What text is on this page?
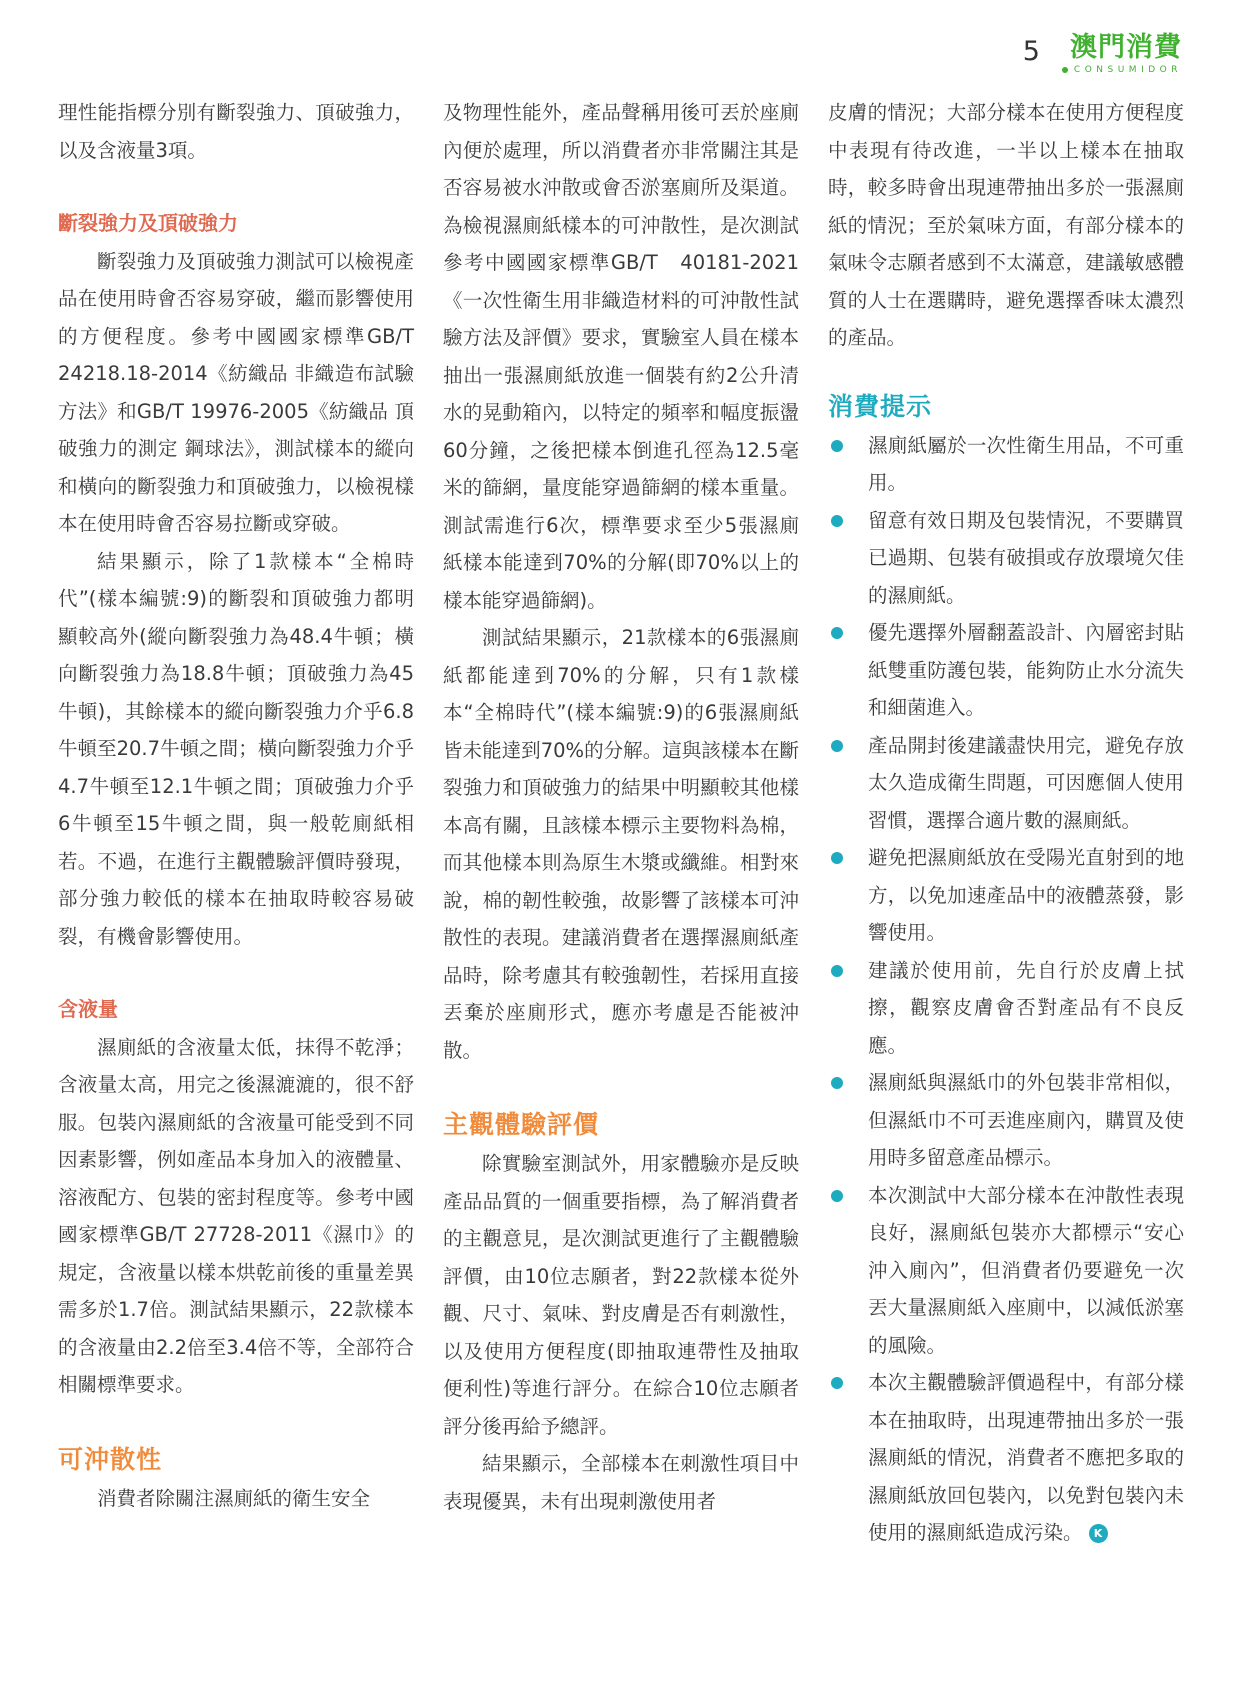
5 澳門消費
CONSUMIDOR

理性能指標分別有斷裂強力、頂破強力，以及含液量3項。

斷裂強力及頂破強力

斷裂強力及頂破強力測試可以檢視產品在使用時會否容易穿破，繼而影響使用的方便程度。參考中國國家標準GB/T 24218.18-2014《紡織品 非織造布試驗方法》和GB/T 19976-2005《紡織品 頂破強力的測定 鋼球法》，測試樣本的縱向和橫向的斷裂強力和頂破強力，以檢視樣本在使用時會否容易拉斷或穿破。

結果顯示，除了1款樣本“全棉時代”(樣本編號:9)的斷裂和頂破強力都明顯較高外(縱向斷裂強力為48.4牛頓；橫向斷裂強力為18.8牛頓；頂破強力為45牛頓)，其餘樣本的縱向斷裂強力介乎6.8牛頓至20.7牛頓之間；橫向斷裂強力介乎4.7牛頓至12.1牛頓之間；頂破強力介乎6牛頓至15牛頓之間，與一般乾廁紙相若。不過，在進行主觀體驗評價時發現，部分強力較低的樣本在抽取時較容易破裂，有機會影響使用。

含液量

濕廁紙的含液量太低，抹得不乾淨；含液量太高，用完之後濕漉漉的，很不舒服。包裝內濕廁紙的含液量可能受到不同因素影響，例如產品本身加入的液體量、溶液配方、包裝的密封程度等。參考中國國家標準GB/T 27728-2011《濕巾》的規定，含液量以樣本烘乾前後的重量差異需多於1.7倍。測試結果顯示，22款樣本的含液量由2.2倍至3.4倍不等，全部符合相關標準要求。

可沖散性

消費者除關注濕廁紙的衛生安全

及物理性能外，產品聲稱用後可丟於座廁內便於處理，所以消費者亦非常關注其是否容易被水沖散或會否淤塞廁所及渠道。為檢視濕廁紙樣本的可沖散性，是次測試參考中國國家標準GB/T　40181-2021《一次性衛生用非織造材料的可沖散性試驗方法及評價》要求，實驗室人員在樣本抽出一張濕廁紙放進一個裝有約2公升清水的晃動箱內，以特定的頻率和幅度振盪60分鐘，之後把樣本倒進孔徑為12.5毫米的篩網，量度能穿過篩網的樣本重量。測試需進行6次，標準要求至少5張濕廁紙樣本能達到70%的分解(即70%以上的樣本能穿過篩網)。

測試結果顯示，21款樣本的6張濕廁紙都能達到70%的分解，只有1款樣本“全棉時代”(樣本編號:9)的6張濕廁紙皆未能達到70%的分解。這與該樣本在斷裂強力和頂破強力的結果中明顯較其他樣本高有關，且該樣本標示主要物料為棉，而其他樣本則為原生木漿或纖維。相對來說，棉的韌性較強，故影響了該樣本可沖散性的表現。建議消費者在選擇濕廁紙產品時，除考慮其有較強韌性，若採用直接丟棄於座廁形式，應亦考慮是否能被沖散。

主觀體驗評價

除實驗室測試外，用家體驗亦是反映產品品質的一個重要指標，為了解消費者的主觀意見，是次測試更進行了主觀體驗評價，由10位志願者，對22款樣本從外觀、尺寸、氣味、對皮膚是否有刺激性，以及使用方便程度(即抽取連帶性及抽取便利性)等進行評分。在綜合10位志願者評分後再給予總評。

結果顯示，全部樣本在刺激性項目中表現優異，未有出現刺激使用者

皮膚的情況；大部分樣本在使用方便程度中表現有待改進，一半以上樣本在抽取時，較多時會出現連帶抽出多於一張濕廁紙的情況；至於氣味方面，有部分樣本的氣味令志願者感到不太滿意，建議敏感體質的人士在選購時，避免選擇香味太濃烈的產品。

消費提示

濕廁紙屬於一次性衛生用品，不可重用。

留意有效日期及包裝情況，不要購買已過期、包裝有破損或存放環境欠佳的濕廁紙。

優先選擇外層翻蓋設計、內層密封貼紙雙重防護包裝，能夠防止水分流失和細菌進入。

產品開封後建議盡快用完，避免存放太久造成衛生問題，可因應個人使用習慣，選擇合適片數的濕廁紙。

避免把濕廁紙放在受陽光直射到的地方，以免加速產品中的液體蒸發，影響使用。

建議於使用前，先自行於皮膚上拭擦，觀察皮膚會否對產品有不良反應。

濕廁紙與濕紙巾的外包裝非常相似，但濕紙巾不可丟進座廁內，購買及使用時多留意產品標示。

本次測試中大部分樣本在沖散性表現良好，濕廁紙包裝亦大都標示“安心沖入廁內”，但消費者仍要避免一次丟大量濕廁紙入座廁中，以減低淤塞的風險。

本次主觀體驗評價過程中，有部分樣本在抽取時，出現連帶抽出多於一張濕廁紙的情況，消費者不應把多取的濕廁紙放回包裝內，以免對包裝內未使用的濕廁紙造成污染。 K
